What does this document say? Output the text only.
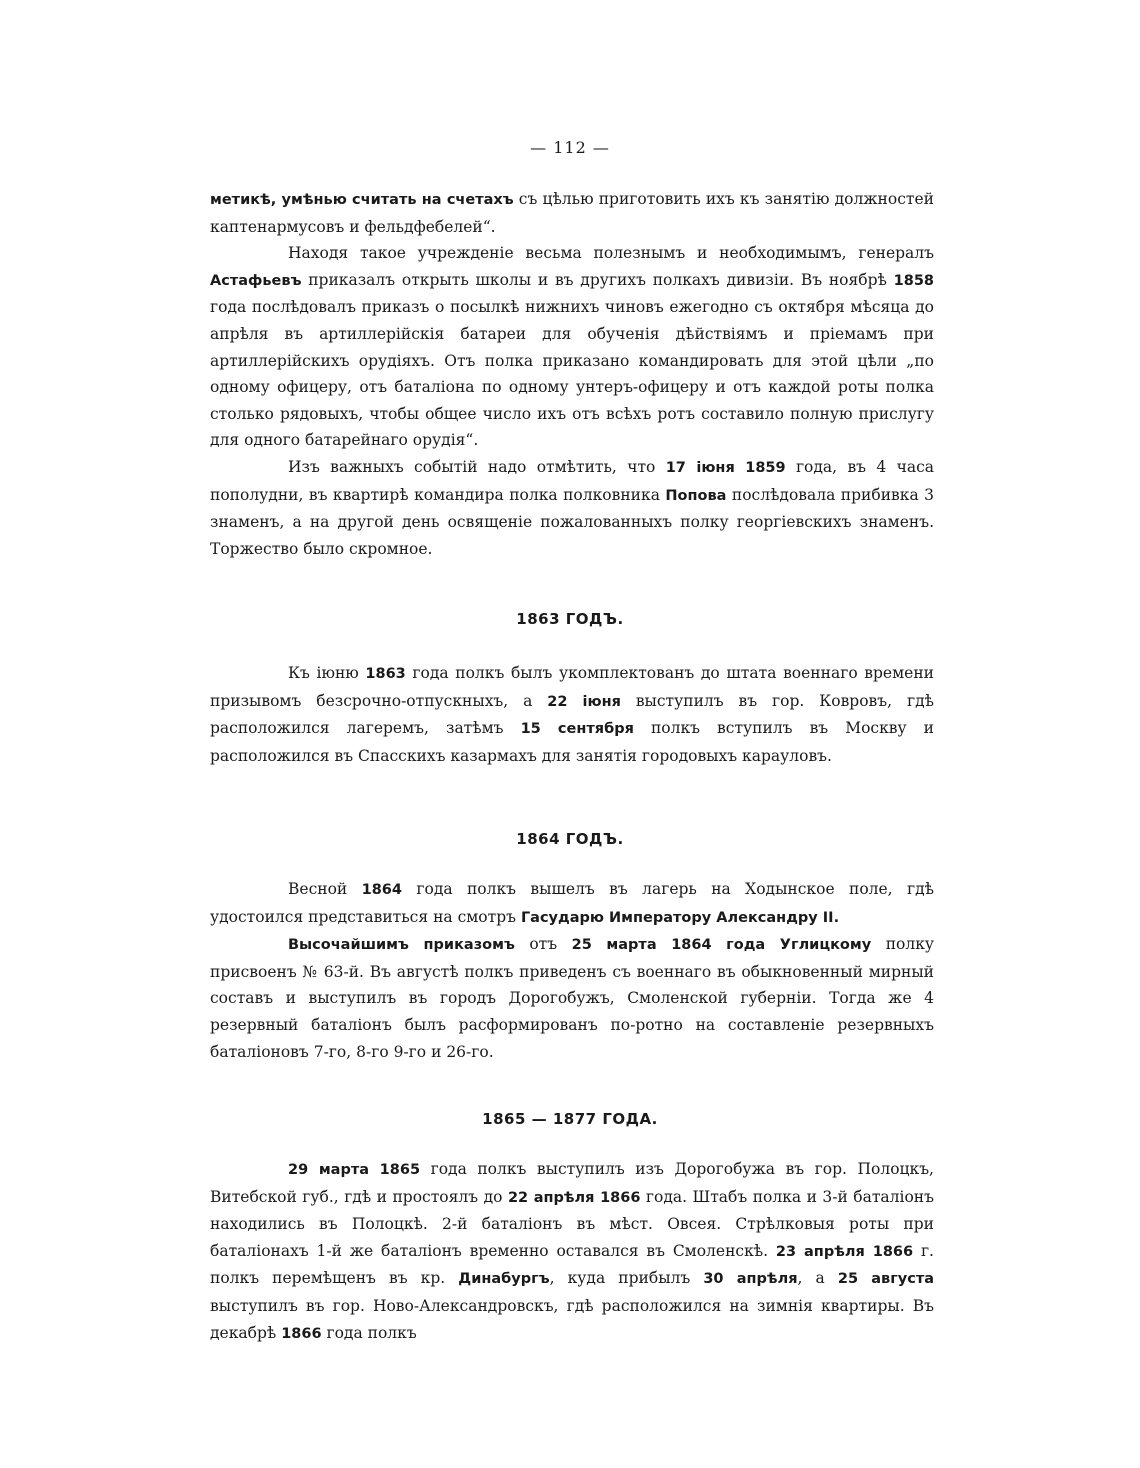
— 112 —

метикѣ, умѣнью считать на счетахъ съ цѣлью приготовить ихъ къ занятію должностей каптенармусовъ и фельдфебелей“.

Находя такое учрежденіе весьма полезнымъ и необходимымъ, генералъ Астафьевъ приказалъ открыть школы и въ другихъ полкахъ дивизіи. Въ ноябрѣ 1858 года послѣдовалъ приказъ о посылкѣ нижнихъ чиновъ ежегодно съ октября мѣсяца до апрѣля въ артиллерійскія батареи для обученія дѣйствіямъ и пріемамъ при артиллерійскихъ орудіяхъ. Отъ полка приказано командировать для этой цѣли „по одному офицеру, отъ баталіона по одному унтеръ-офицеру и отъ каждой роты полка столько рядовыхъ, чтобы общее число ихъ отъ всѣхъ ротъ составило полную прислугу для одного батарейнаго орудія“.

Изъ важныхъ событій надо отмѣтить, что 17 іюня 1859 года, въ 4 часа пополудни, въ квартирѣ командира полка полковника Попова послѣдовала прибивка 3 знаменъ, а на другой день освященіе пожалованныхъ полку георгіевскихъ знаменъ. Торжество было скромное.

1863 ГОДЪ.

Къ іюню 1863 года полкъ былъ укомплектованъ до штата военнаго времени призывомъ безсрочно-отпускныхъ, а 22 іюня выступилъ въ гор. Ковровъ, гдѣ расположился лагеремъ, затѣмъ 15 сентября полкъ вступилъ въ Москву и расположился въ Спасскихъ казармахъ для занятія городовыхъ карауловъ.

1864 ГОДЪ.

Весной 1864 года полкъ вышелъ въ лагерь на Ходынское поле, гдѣ удостоился представиться на смотръ Гасударю Императору Александру II.

Высочайшимъ приказомъ отъ 25 марта 1864 года Углицкому полку присвоенъ № 63-й. Въ августѣ полкъ приведенъ съ военнаго въ обыкновенный мирный составъ и выступилъ въ городъ Дорогобужъ, Смоленской губерніи. Тогда же 4 резервный баталіонъ былъ расформированъ по-ротно на составленіе резервныхъ баталіоновъ 7-го, 8-го 9-го и 26-го.

1865 — 1877 ГОДА.

29 марта 1865 года полкъ выступилъ изъ Дорогобужа въ гор. Полоцкъ, Витебской губ., гдѣ и простоялъ до 22 апрѣля 1866 года. Штабъ полка и 3-й баталіонъ находились въ Полоцкѣ. 2-й баталіонъ въ мѣст. Овсея. Стрѣлковыя роты при баталіонахъ 1-й же баталіонъ временно оставался въ Смоленскѣ. 23 апрѣля 1866 г. полкъ перемѣщенъ въ кр. Динабургъ, куда прибылъ 30 апрѣля, а 25 августа выступилъ въ гор. Ново-Александровскъ, гдѣ расположился на зимнія квартиры. Въ декабрѣ 1866 года полкъ
